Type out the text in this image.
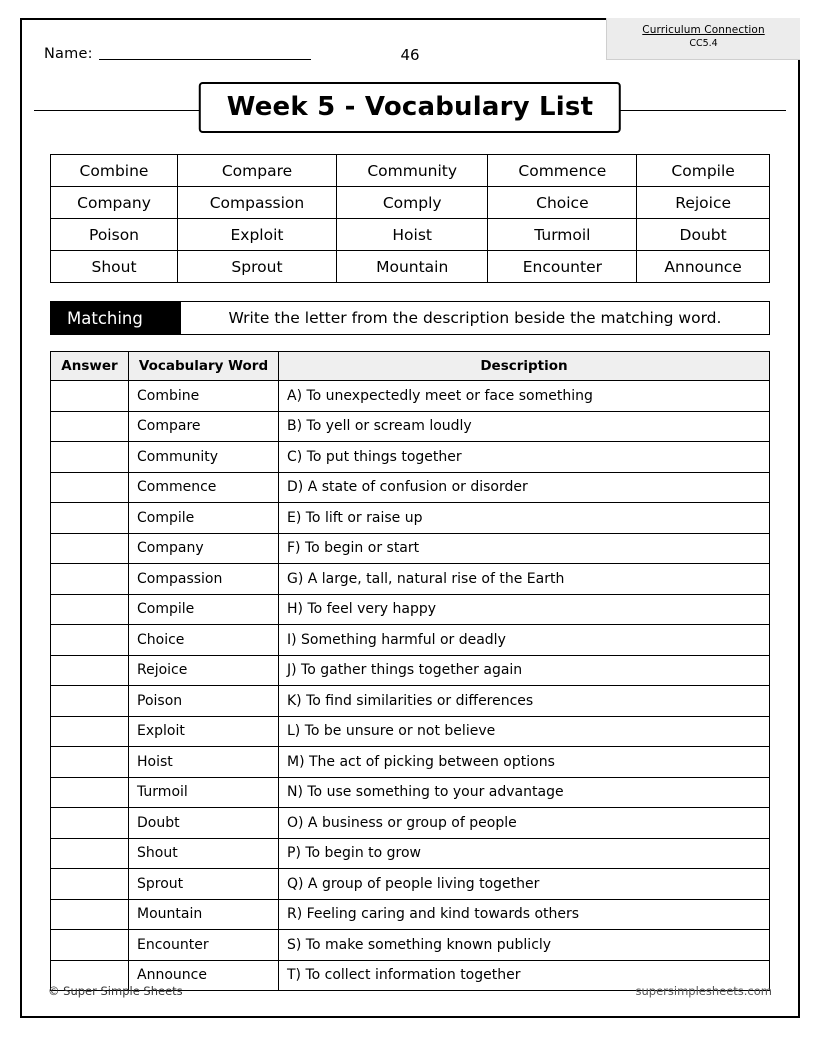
Name:	46
Curriculum Connection
CC5.4
Week 5 - Vocabulary List
Combine	Compare	Community	Commence	Compile
Company	Compassion	Comply	Choice	Rejoice
Poison	Exploit	Hoist	Turmoil	Doubt
Shout	Sprout	Mountain	Encounter	Announce
Matching	Write the letter from the description beside the matching word.
Answer	Vocabulary Word	Description
	Combine	A) To unexpectedly meet or face something
	Compare	B) To yell or scream loudly
	Community	C) To put things together
	Commence	D) A state of confusion or disorder
	Compile	E) To lift or raise up
	Company	F) To begin or start
	Compassion	G) A large, tall, natural rise of the Earth
	Compile	H) To feel very happy
	Choice	I) Something harmful or deadly
	Rejoice	J) To gather things together again
	Poison	K) To find similarities or differences
	Exploit	L) To be unsure or not believe
	Hoist	M) The act of picking between options
	Turmoil	N) To use something to your advantage
	Doubt	O) A business or group of people
	Shout	P) To begin to grow
	Sprout	Q) A group of people living together
	Mountain	R) Feeling caring and kind towards others
	Encounter	S) To make something known publicly
	Announce	T) To collect information together
© Super Simple Sheets	supersimplesheets.com
